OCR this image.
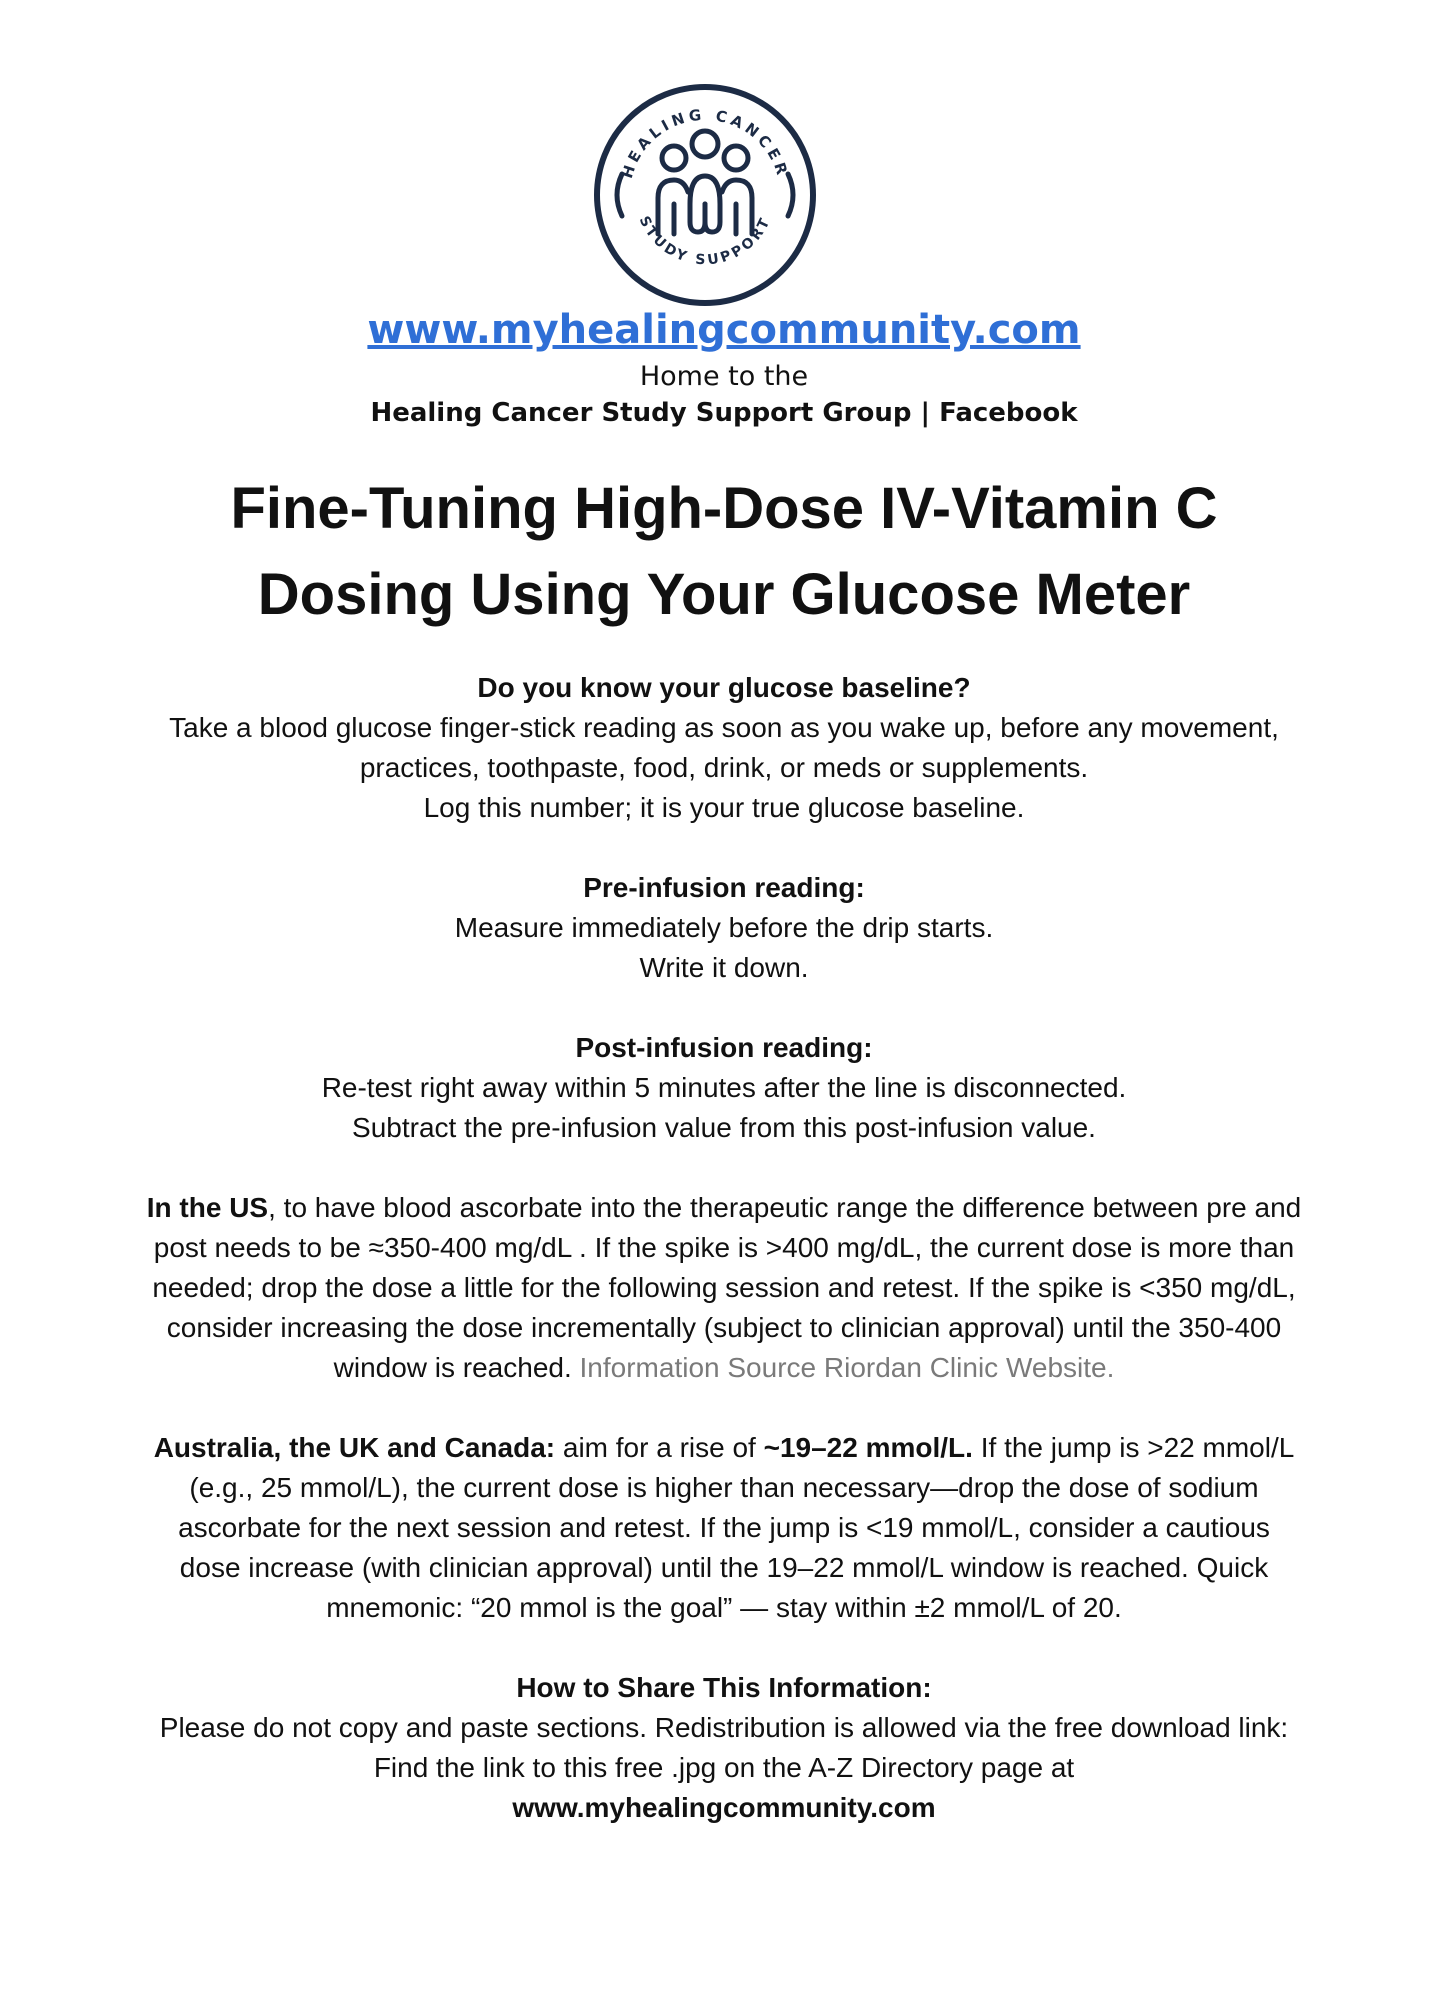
HEALING CANCER
STUDY SUPPORT
www.myhealingcommunity.com
Home to the
Healing Cancer Study Support Group | Facebook
Fine-Tuning High-Dose IV-Vitamin C
Dosing Using Your Glucose Meter

Do you know your glucose baseline?

Take a blood glucose finger-stick reading as soon as you wake up, before any movement,

practices, toothpaste, food, drink, or meds or supplements.

Log this number; it is your true glucose baseline.

Pre-infusion reading:

Measure immediately before the drip starts.

Write it down.

Post-infusion reading:

Re-test right away within 5 minutes after the line is disconnected.

Subtract the pre-infusion value from this post-infusion value.

In the US, to have blood ascorbate into the therapeutic range the difference between pre and

post needs to be ≈350-400 mg/dL . If the spike is >400 mg/dL, the current dose is more than

needed; drop the dose a little for the following session and retest. If the spike is <350 mg/dL,

consider increasing the dose incrementally (subject to clinician approval) until the 350-400

window is reached. Information Source Riordan Clinic Website.

Australia, the UK and Canada: aim for a rise of ~19–22 mmol/L. If the jump is >22 mmol/L

(e.g., 25 mmol/L), the current dose is higher than necessary—drop the dose of sodium

ascorbate for the next session and retest. If the jump is <19 mmol/L, consider a cautious

dose increase (with clinician approval) until the 19–22 mmol/L window is reached. Quick

mnemonic: “20 mmol is the goal” — stay within ±2 mmol/L of 20.

How to Share This Information:

Please do not copy and paste sections. Redistribution is allowed via the free download link:

Find the link to this free .jpg on the A-Z Directory page at

www.myhealingcommunity.com
